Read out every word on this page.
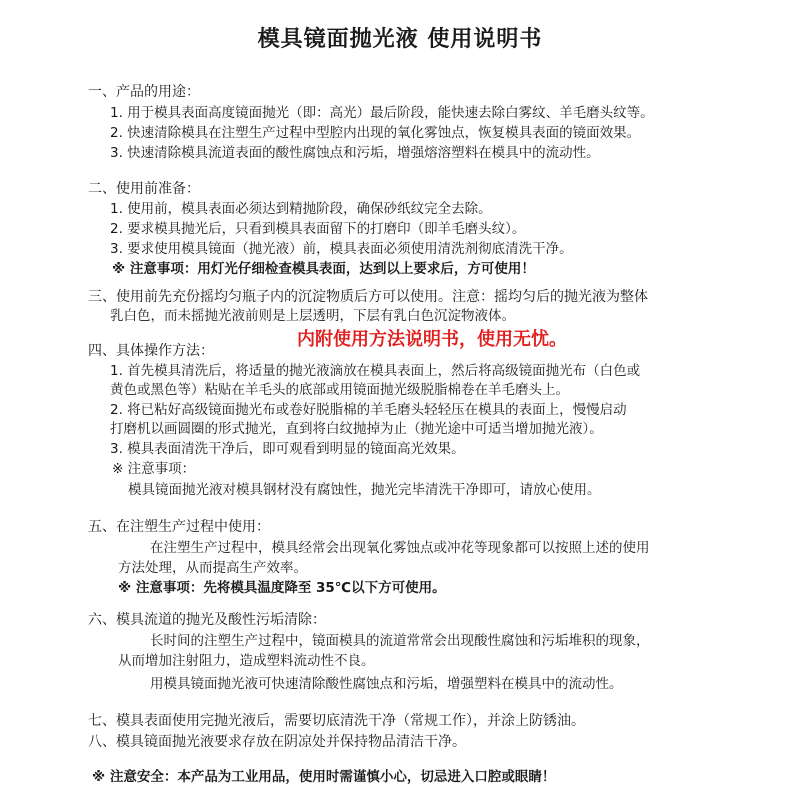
模具镜面抛光液 使用说明书
一、产品的用途：
1. 用于模具表面高度镜面抛光（即：高光）最后阶段，能快速去除白雾纹、羊毛磨头纹等。
2. 快速清除模具在注塑生产过程中型腔内出现的氧化雾蚀点，恢复模具表面的镜面效果。
3. 快速清除模具流道表面的酸性腐蚀点和污垢，增强熔溶塑料在模具中的流动性。
二、使用前准备：
1. 使用前，模具表面必须达到精抛阶段，确保砂纸纹完全去除。
2. 要求模具抛光后，只看到模具表面留下的打磨印（即羊毛磨头纹）。
3. 要求使用模具镜面（抛光液）前，模具表面必须使用清洗剂彻底清洗干净。
※ 注意事项：用灯光仔细检查模具表面，达到以上要求后，方可使用！
三、使用前先充份摇均匀瓶子内的沉淀物质后方可以使用。注意：摇均匀后的抛光液为整体
乳白色，而未摇抛光液前则是上层透明，下层有乳白色沉淀物液体。
内附使用方法说明书，使用无忧。
四、具体操作方法：
1. 首先模具清洗后，将适量的抛光液滴放在模具表面上，然后将高级镜面抛光布（白色或
黄色或黑色等）粘贴在羊毛头的底部或用镜面抛光级脱脂棉卷在羊毛磨头上。
2. 将已粘好高级镜面抛光布或卷好脱脂棉的羊毛磨头轻轻压在模具的表面上，慢慢启动
打磨机以画圆圈的形式抛光，直到将白纹抛掉为止（抛光途中可适当增加抛光液）。
3. 模具表面清洗干净后，即可观看到明显的镜面高光效果。
※ 注意事项：
模具镜面抛光液对模具钢材没有腐蚀性，抛光完毕清洗干净即可，请放心使用。
五、在注塑生产过程中使用：
在注塑生产过程中，模具经常会出现氧化雾蚀点或冲花等现象都可以按照上述的使用
方法处理，从而提高生产效率。
※ 注意事项：先将模具温度降至 35℃以下方可使用。
六、模具流道的抛光及酸性污垢清除：
长时间的注塑生产过程中，镜面模具的流道常常会出现酸性腐蚀和污垢堆积的现象，
从而增加注射阻力，造成塑料流动性不良。
用模具镜面抛光液可快速清除酸性腐蚀点和污垢，增强塑料在模具中的流动性。
七、模具表面使用完抛光液后，需要切底清洗干净（常规工作），并涂上防锈油。
八、模具镜面抛光液要求存放在阴凉处并保持物品清洁干净。
※ 注意安全：本产品为工业用品，使用时需谨慎小心，切忌进入口腔或眼睛！
